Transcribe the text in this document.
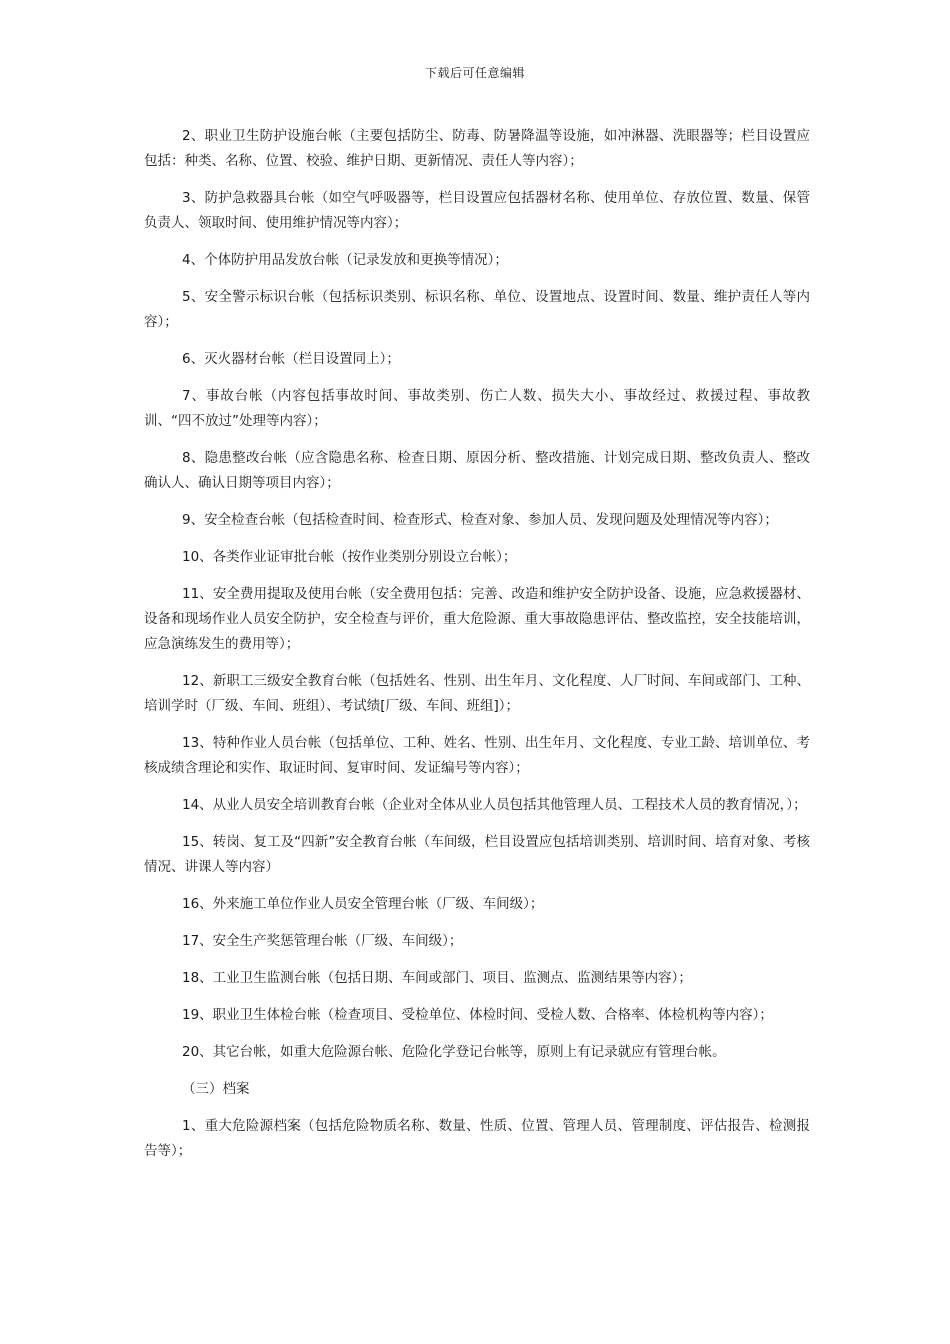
下载后可任意编辑

2、职业卫生防护设施台帐（主要包括防尘、防毒、防暑降温等设施，如冲淋器、洗眼器等；栏目设置应包括：种类、名称、位置、校验、维护日期、更新情况、责任人等内容）；

3、防护急救器具台帐（如空气呼吸器等，栏目设置应包括器材名称、使用单位、存放位置、数量、保管负责人、领取时间、使用维护情况等内容）；

4、个体防护用品发放台帐（记录发放和更换等情况）；

5、安全警示标识台帐（包括标识类别、标识名称、单位、设置地点、设置时间、数量、维护责任人等内容）；

6、灭火器材台帐（栏目设置同上）；

7、事故台帐（内容包括事故时间、事故类别、伤亡人数、损失大小、事故经过、救援过程、事故教训、“四不放过”处理等内容）；

8、隐患整改台帐（应含隐患名称、检查日期、原因分析、整改措施、计划完成日期、整改负责人、整改确认人、确认日期等项目内容）；

9、安全检查台帐（包括检查时间、检查形式、检查对象、参加人员、发现问题及处理情况等内容）；

10、各类作业证审批台帐（按作业类别分别设立台帐）；

11、安全费用提取及使用台帐（安全费用包括：完善、改造和维护安全防护设备、设施，应急救援器材、设备和现场作业人员安全防护，安全检查与评价，重大危险源、重大事故隐患评估、整改监控，安全技能培训，应急演练发生的费用等）；

12、新职工三级安全教育台帐（包括姓名、性别、出生年月、文化程度、人厂时间、车间或部门、工种、培训学时（厂级、车间、班组）、考试绩[厂级、车间、班组]）；

13、特种作业人员台帐（包括单位、工种、姓名、性别、出生年月、文化程度、专业工龄、培训单位、考核成绩含理论和实作、取证时间、复审时间、发证编号等内容）；

14、从业人员安全培训教育台帐（企业对全体从业人员包括其他管理人员、工程技术人员的教育情况，）；

15、转岗、复工及“四新”安全教育台帐（车间级，栏目设置应包括培训类别、培训时间、培育对象、考核情况、讲课人等内容）

16、外来施工单位作业人员安全管理台帐（厂级、车间级）；

17、安全生产奖惩管理台帐（厂级、车间级）；

18、工业卫生监测台帐（包括日期、车间或部门、项目、监测点、监测结果等内容）；

19、职业卫生体检台帐（检查项目、受检单位、体检时间、受检人数、合格率、体检机构等内容）；

20、其它台帐，如重大危险源台帐、危险化学登记台帐等，原则上有记录就应有管理台帐。

（三）档案

1、重大危险源档案（包括危险物质名称、数量、性质、位置、管理人员、管理制度、评估报告、检测报告等）；
